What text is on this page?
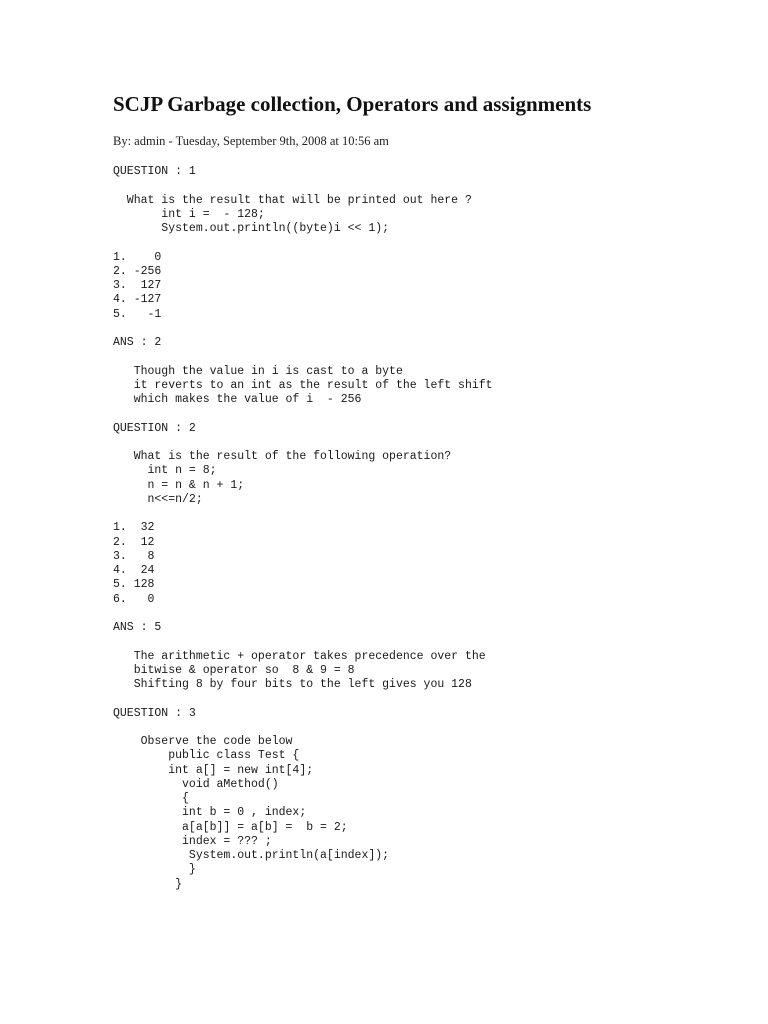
SCJP Garbage collection, Operators and assignments
By: admin - Tuesday, September 9th, 2008 at 10:56 am
QUESTION : 1
What is the result that will be printed out here ?
int i =  - 128;
System.out.println((byte)i << 1);
1.    0
2. -256
3.  127
4. -127
5.   -1
ANS : 2
Though the value in i is cast to a byte
it reverts to an int as the result of the left shift
which makes the value of i  - 256
QUESTION : 2
What is the result of the following operation?
int n = 8;
n = n & n + 1;
n<<=n/2;
1.  32
2.  12
3.   8
4.  24
5. 128
6.   0
ANS : 5
The arithmetic + operator takes precedence over the
bitwise & operator so  8 & 9 = 8
Shifting 8 by four bits to the left gives you 128
QUESTION : 3
Observe the code below
public class Test {
int a[] = new int[4];
void aMethod()
{
int b = 0 , index;
a[a[b]] = a[b] =  b = 2;
index = ??? ;
System.out.println(a[index]);
}
}
